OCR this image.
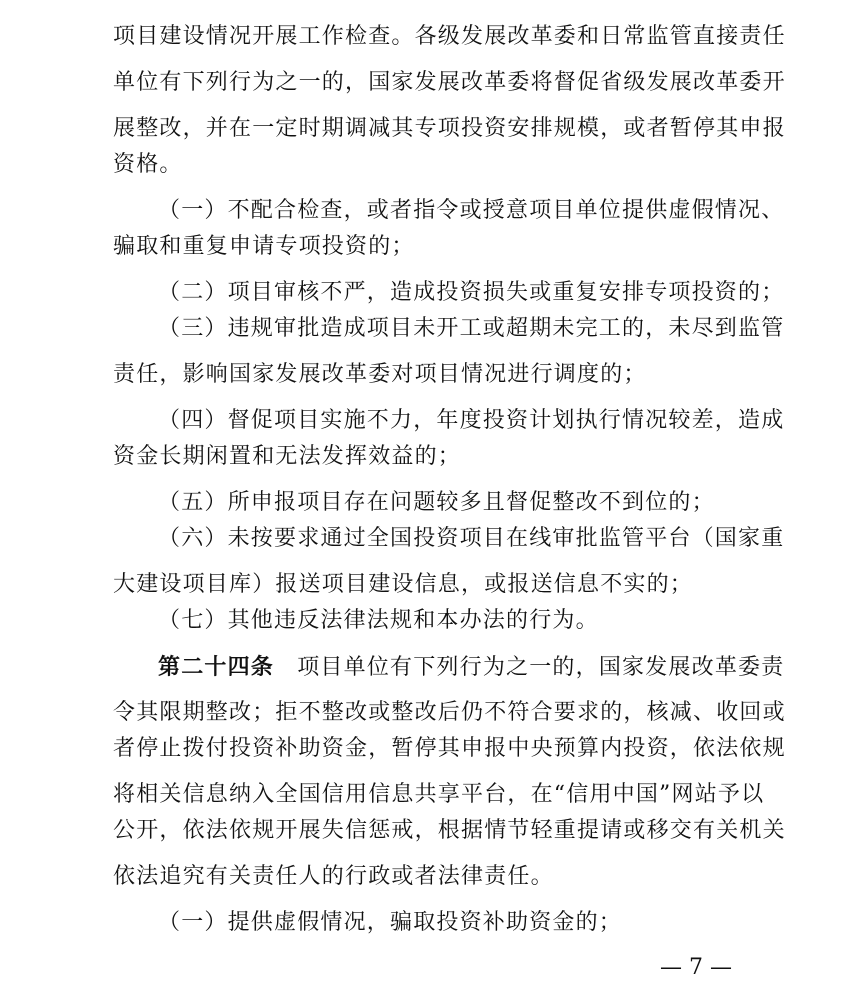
项目建设情况开展工作检查。各级发展改革委和日常监管直接责任
单位有下列行为之一的，国家发展改革委将督促省级发展改革委开
展整改，并在一定时期调减其专项投资安排规模，或者暂停其申报
资格。
（一）不配合检查，或者指令或授意项目单位提供虚假情况、
骗取和重复申请专项投资的；
（二）项目审核不严，造成投资损失或重复安排专项投资的；
（三）违规审批造成项目未开工或超期未完工的，未尽到监管
责任，影响国家发展改革委对项目情况进行调度的；
（四）督促项目实施不力，年度投资计划执行情况较差，造成
资金长期闲置和无法发挥效益的；
（五）所申报项目存在问题较多且督促整改不到位的；
（六）未按要求通过全国投资项目在线审批监管平台（国家重
大建设项目库）报送项目建设信息，或报送信息不实的；
（七）其他违反法律法规和本办法的行为。
第二十四条　 项目单位有下列行为之一的，国家发展改革委责
令其限期整改；拒不整改或整改后仍不符合要求的，核减、收回或
者停止拨付投资补助资金，暂停其申报中央预算内投资，依法依规
将相关信息纳入全国信用信息共享平台，在“信用中国”网站予以
公开，依法依规开展失信惩戒，根据情节轻重提请或移交有关机关
依法追究有关责任人的行政或者法律责任。
（一）提供虚假情况，骗取投资补助资金的；
— 7 —
